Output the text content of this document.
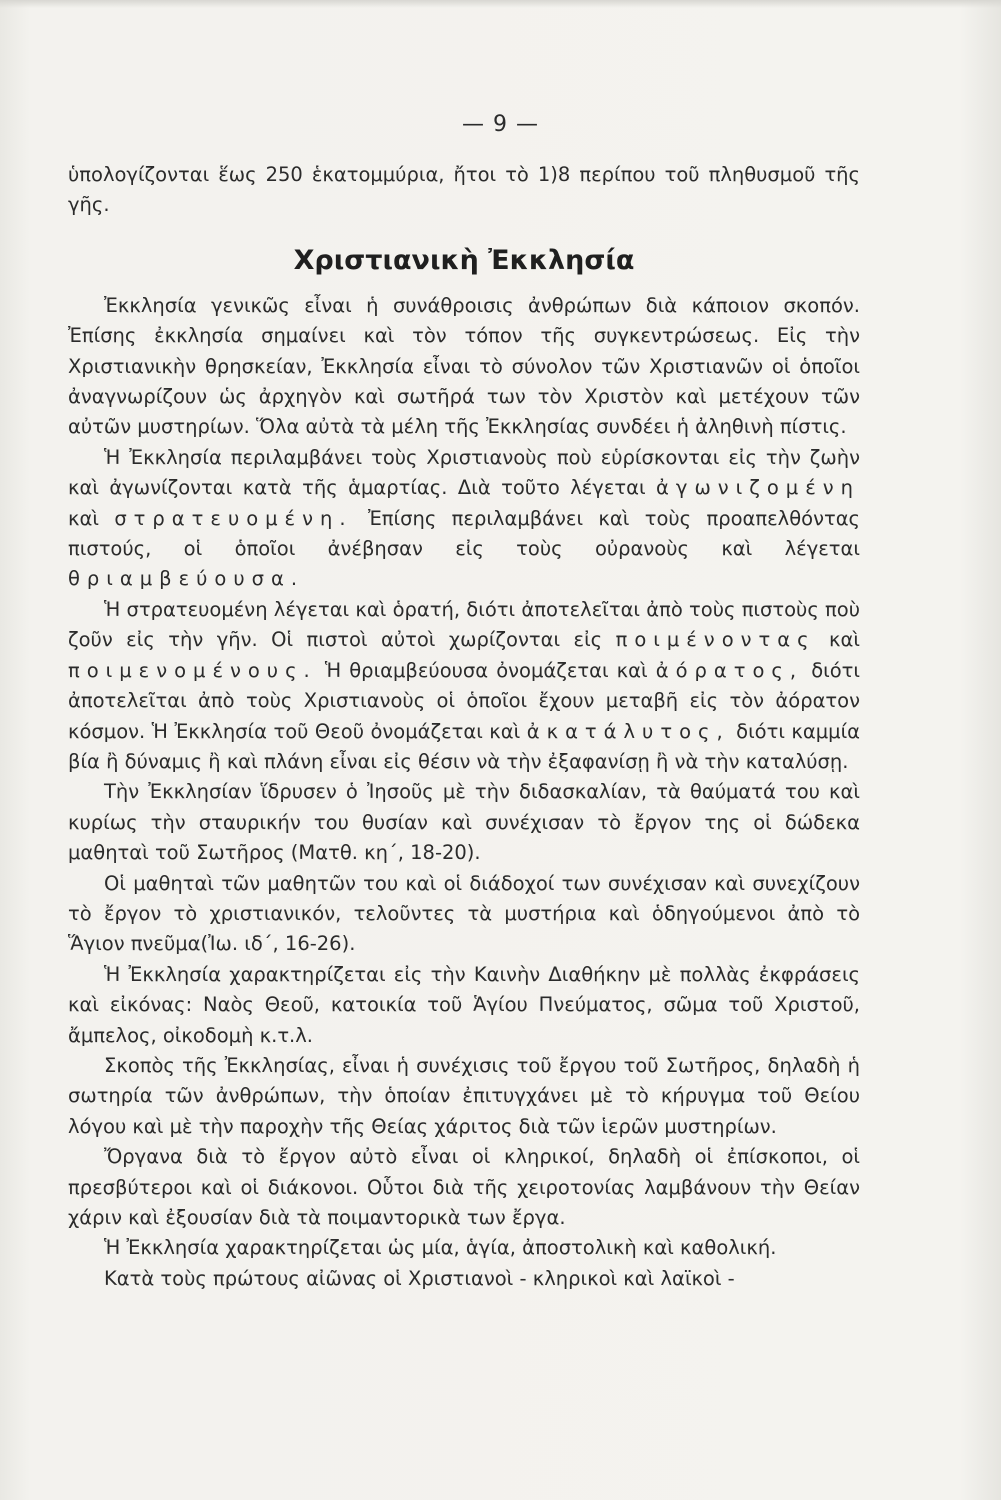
— 9 —

ὑπολογίζονται ἕως 250 ἑκατομμύρια, ἤτοι τὸ 1)8 περίπου τοῦ πληθυσμοῦ τῆς γῆς.

Χριστιανικὴ Ἐκκλησία

Ἐκκλησία γενικῶς εἶναι ἡ συνάθροισις ἀνθρώπων διὰ κάποιον σκοπόν. Ἐπίσης ἐκκλησία σημαίνει καὶ τὸν τόπον τῆς συγκεντρώσεως. Εἰς τὴν Χριστιανικὴν θρησκείαν, Ἐκκλησία εἶναι τὸ σύνολον τῶν Χριστιανῶν οἱ ὁποῖοι ἀναγνωρίζουν ὡς ἀρχηγὸν καὶ σωτῆρά των τὸν Χριστὸν καὶ μετέχουν τῶν αὐτῶν μυστηρίων. Ὅλα αὐτὰ τὰ μέλη τῆς Ἐκκλησίας συνδέει ἡ ἀληθινὴ πίστις.

Ἡ Ἐκκλησία περιλαμβάνει τοὺς Χριστιανοὺς ποὺ εὑρίσκονται εἰς τὴν ζωὴν καὶ ἀγωνίζονται κατὰ τῆς ἁμαρτίας. Διὰ τοῦτο λέγεται ἀγωνιζομένη καὶ στρατευομένη. Ἐπίσης περιλαμβάνει καὶ τοὺς προαπελθόντας πιστούς, οἱ ὁποῖοι ἀνέβησαν εἰς τοὺς οὐρανοὺς καὶ λέγεται θριαμβεύουσα.

Ἡ στρατευομένη λέγεται καὶ ὁρατή, διότι ἀποτελεῖται ἀπὸ τοὺς πιστοὺς ποὺ ζοῦν εἰς τὴν γῆν. Οἱ πιστοὶ αὐτοὶ χωρίζονται εἰς ποιμένοντας καὶ ποιμενομένους. Ἡ θριαμβεύουσα ὀνομάζεται καὶ ἀόρατος, διότι ἀποτελεῖται ἀπὸ τοὺς Χριστιανοὺς οἱ ὁποῖοι ἔχουν μεταβῆ εἰς τὸν ἀόρατον κόσμον. Ἡ Ἐκκλησία τοῦ Θεοῦ ὀνομάζεται καὶ ἀκατάλυτος, διότι καμμία βία ἢ δύναμις ἢ καὶ πλάνη εἶναι εἰς θέσιν νὰ τὴν ἐξαφανίσῃ ἢ νὰ τὴν καταλύσῃ.

Τὴν Ἐκκλησίαν ἵδρυσεν ὁ Ἰησοῦς μὲ τὴν διδασκαλίαν, τὰ θαύματά του καὶ κυρίως τὴν σταυρικήν του θυσίαν καὶ συνέχισαν τὸ ἔργον της οἱ δώδεκα μαθηταὶ τοῦ Σωτῆρος (Ματθ. κη΄, 18-20).

Οἱ μαθηταὶ τῶν μαθητῶν του καὶ οἱ διάδοχοί των συνέχισαν καὶ συνεχίζουν τὸ ἔργον τὸ χριστιανικόν, τελοῦντες τὰ μυστήρια καὶ ὁδηγούμενοι ἀπὸ τὸ Ἅγιον πνεῦμα(Ἰω. ιδ΄, 16-26).

Ἡ Ἐκκλησία χαρακτηρίζεται εἰς τὴν Καινὴν Διαθήκην μὲ πολλὰς ἐκφράσεις καὶ εἰκόνας: Ναὸς Θεοῦ, κατοικία τοῦ Ἁγίου Πνεύματος, σῶμα τοῦ Χριστοῦ, ἄμπελος, οἰκοδομὴ κ.τ.λ.

Σκοπὸς τῆς Ἐκκλησίας, εἶναι ἡ συνέχισις τοῦ ἔργου τοῦ Σωτῆρος, δηλαδὴ ἡ σωτηρία τῶν ἀνθρώπων, τὴν ὁποίαν ἐπιτυγχάνει μὲ τὸ κήρυγμα τοῦ Θείου λόγου καὶ μὲ τὴν παροχὴν τῆς Θείας χάριτος διὰ τῶν ἱερῶν μυστηρίων.

Ὄργανα διὰ τὸ ἔργον αὐτὸ εἶναι οἱ κληρικοί, δηλαδὴ οἱ ἐπίσκοποι, οἱ πρεσβύτεροι καὶ οἱ διάκονοι. Οὗτοι διὰ τῆς χειροτονίας λαμβάνουν τὴν Θείαν χάριν καὶ ἐξουσίαν διὰ τὰ ποιμαντορικὰ των ἔργα.

Ἡ Ἐκκλησία χαρακτηρίζεται ὡς μία, ἁγία, ἀποστολικὴ καὶ καθολική.

Κατὰ τοὺς πρώτους αἰῶνας οἱ Χριστιανοὶ - κληρικοὶ καὶ λαϊκοὶ -
